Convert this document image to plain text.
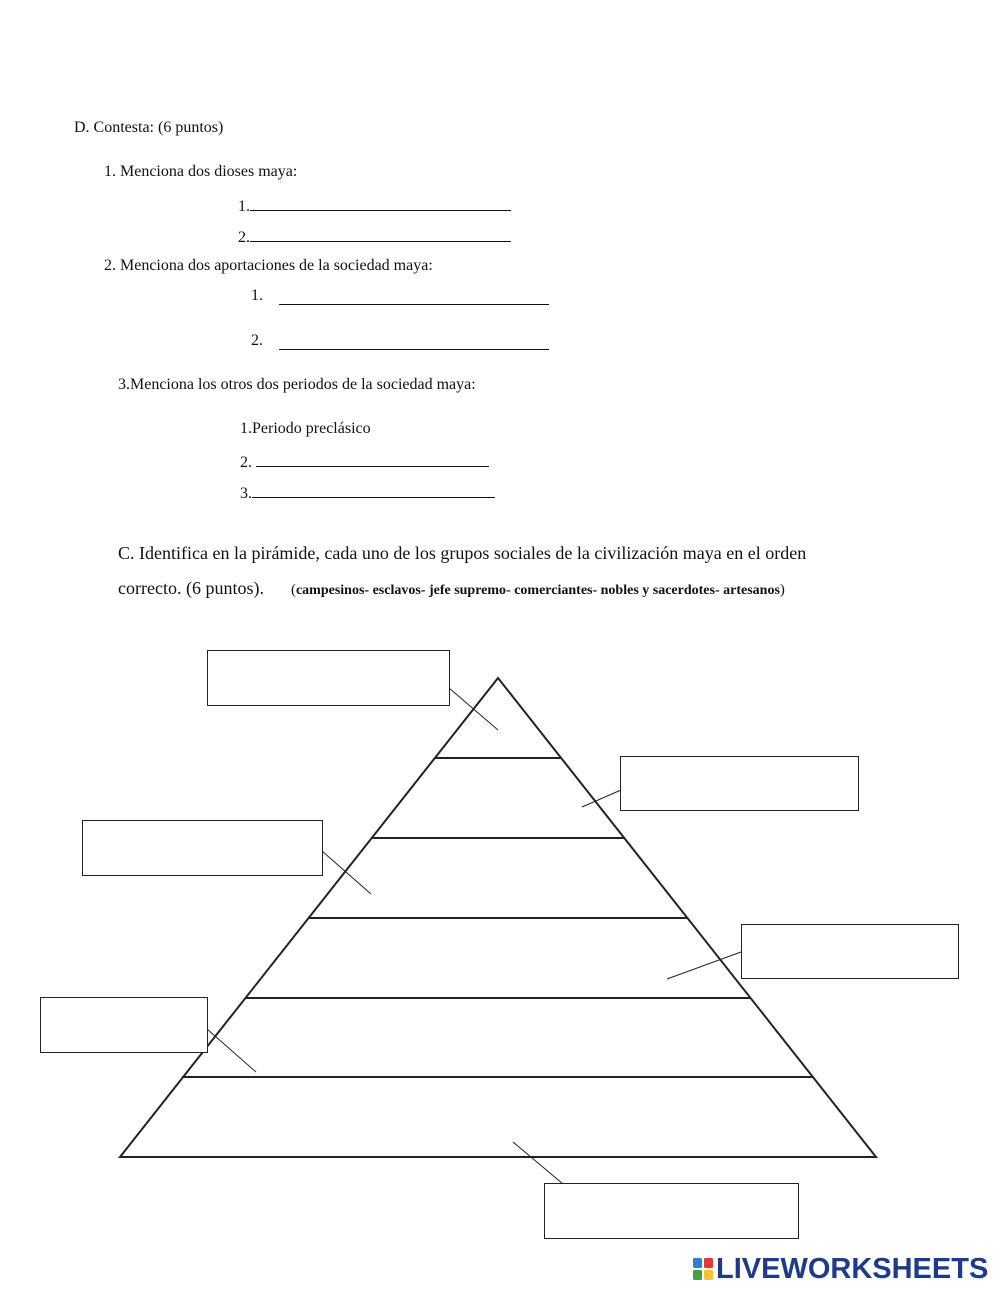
D. Contesta: (6 puntos)
1. Menciona dos dioses maya:
1.
2.
2. Menciona dos aportaciones de la sociedad maya:
1.
2.
3.Menciona los otros dos periodos de la sociedad maya:
1.Periodo preclásico
2.
3.
C. Identifica en la pirámide, cada uno de los grupos sociales de la civilización maya en el orden
correcto. (6 puntos). (campesinos- esclavos- jefe supremo- comerciantes- nobles y sacerdotes- artesanos)
LIVEWORKSHEETS
